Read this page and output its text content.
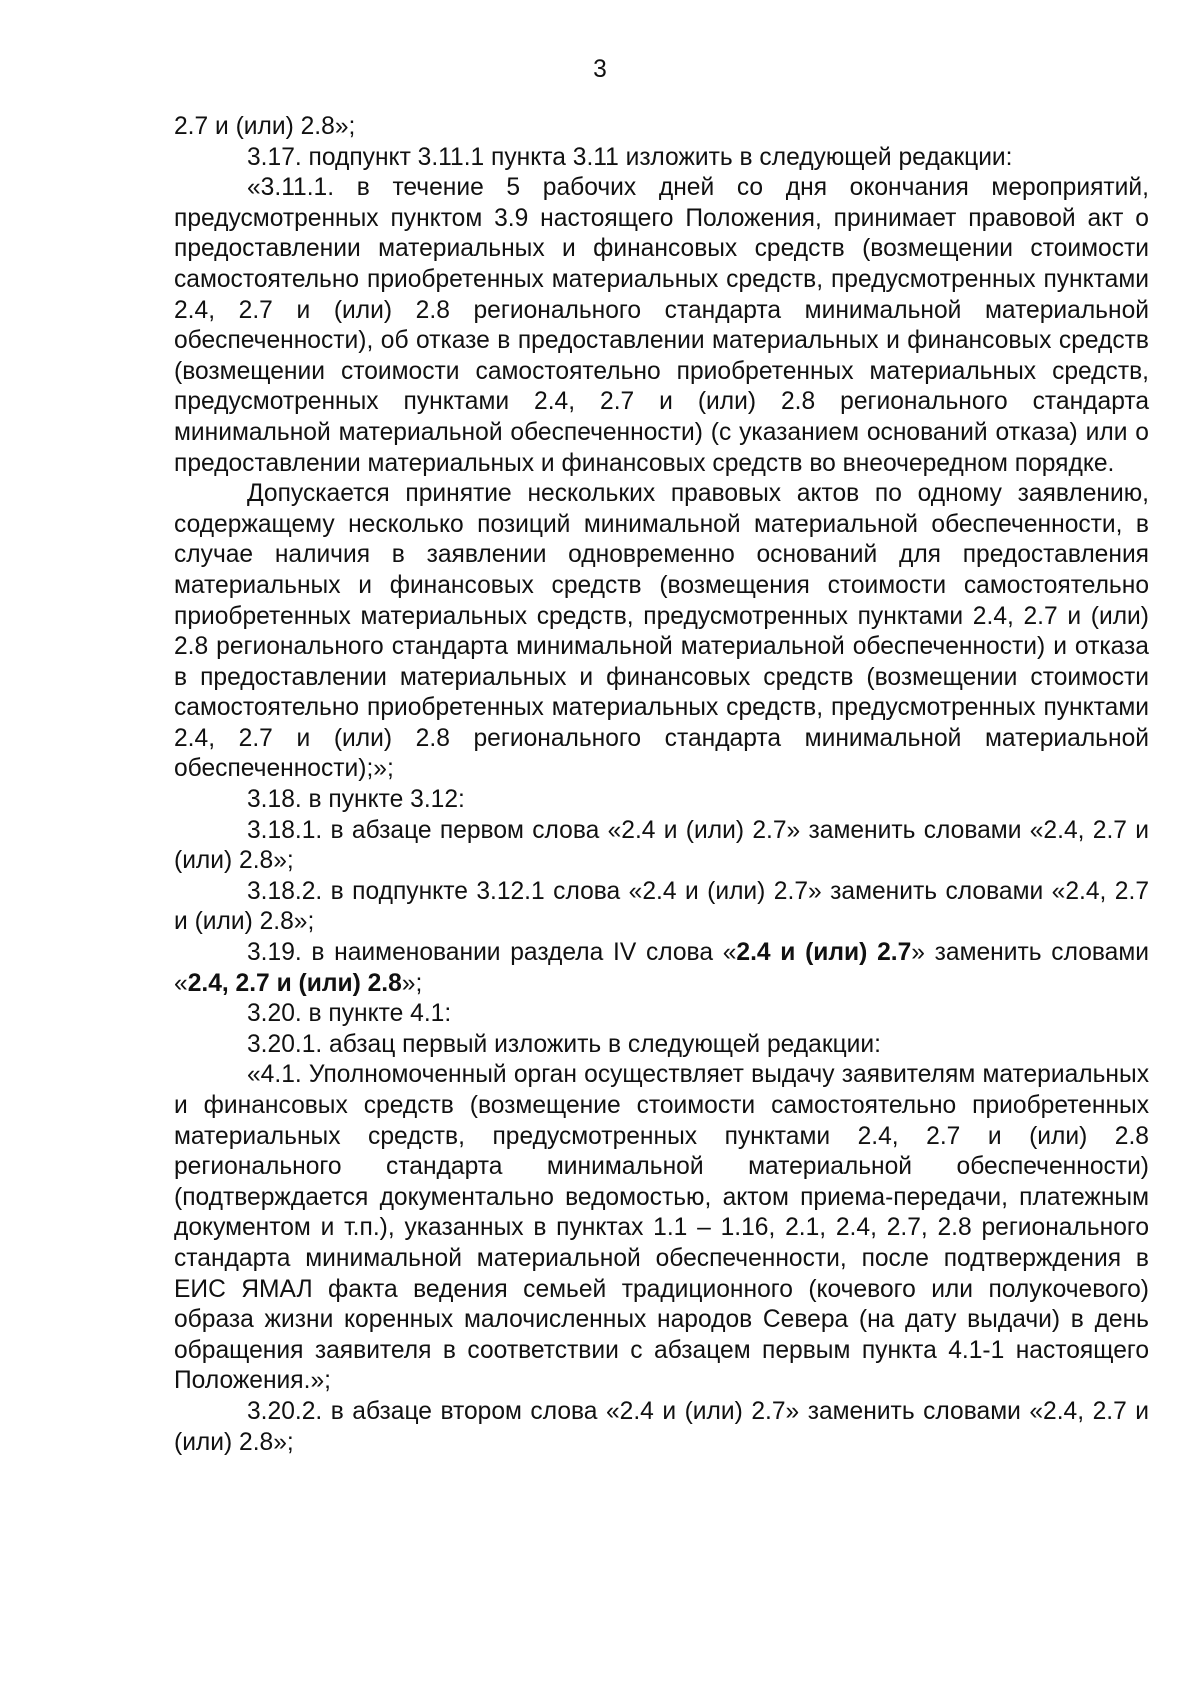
3

2.7 и (или) 2.8»;

3.17. подпункт 3.11.1 пункта 3.11 изложить в следующей редакции:

«3.11.1. в течение 5 рабочих дней со дня окончания мероприятий, предусмотренных пунктом 3.9 настоящего Положения, принимает правовой акт о предоставлении материальных и финансовых средств (возмещении стоимости самостоятельно приобретенных материальных средств, предусмотренных пунктами 2.4, 2.7 и (или) 2.8 регионального стандарта минимальной материальной обеспеченности), об отказе в предоставлении материальных и финансовых средств (возмещении стоимости самостоятельно приобретенных материальных средств, предусмотренных пунктами 2.4, 2.7 и (или) 2.8 регионального стандарта минимальной материальной обеспеченности) (с указанием оснований отказа) или о предоставлении материальных и финансовых средств во внеочередном порядке.

Допускается принятие нескольких правовых актов по одному заявлению, содержащему несколько позиций минимальной материальной обеспеченности, в случае наличия в заявлении одновременно оснований для предоставления материальных и финансовых средств (возмещения стоимости самостоятельно приобретенных материальных средств, предусмотренных пунктами 2.4, 2.7 и (или) 2.8 регионального стандарта минимальной материальной обеспеченности) и отказа в предоставлении материальных и финансовых средств (возмещении стоимости самостоятельно приобретенных материальных средств, предусмотренных пунктами 2.4, 2.7 и (или) 2.8 регионального стандарта минимальной материальной обеспеченности);»;

3.18. в пункте 3.12:

3.18.1. в абзаце первом слова «2.4 и (или) 2.7» заменить словами «2.4, 2.7 и (или) 2.8»;

3.18.2. в подпункте 3.12.1 слова «2.4 и (или) 2.7» заменить словами «2.4, 2.7 и (или) 2.8»;

3.19. в наименовании раздела IV слова «2.4 и (или) 2.7» заменить словами «2.4, 2.7 и (или) 2.8»;

3.20. в пункте 4.1:

3.20.1. абзац первый изложить в следующей редакции:

«4.1. Уполномоченный орган осуществляет выдачу заявителям материальных и финансовых средств (возмещение стоимости самостоятельно приобретенных материальных средств, предусмотренных пунктами 2.4, 2.7 и (или) 2.8 регионального стандарта минимальной материальной обеспеченности) (подтверждается документально ведомостью, актом приема-передачи, платежным документом и т.п.), указанных в пунктах 1.1 – 1.16, 2.1, 2.4, 2.7, 2.8 регионального стандарта минимальной материальной обеспеченности, после подтверждения в ЕИС ЯМАЛ факта ведения семьей традиционного (кочевого или полукочевого) образа жизни коренных малочисленных народов Севера (на дату выдачи) в день обращения заявителя в соответствии с абзацем первым пункта 4.1-1 настоящего Положения.»;

3.20.2. в абзаце втором слова «2.4 и (или) 2.7» заменить словами «2.4, 2.7 и (или) 2.8»;
